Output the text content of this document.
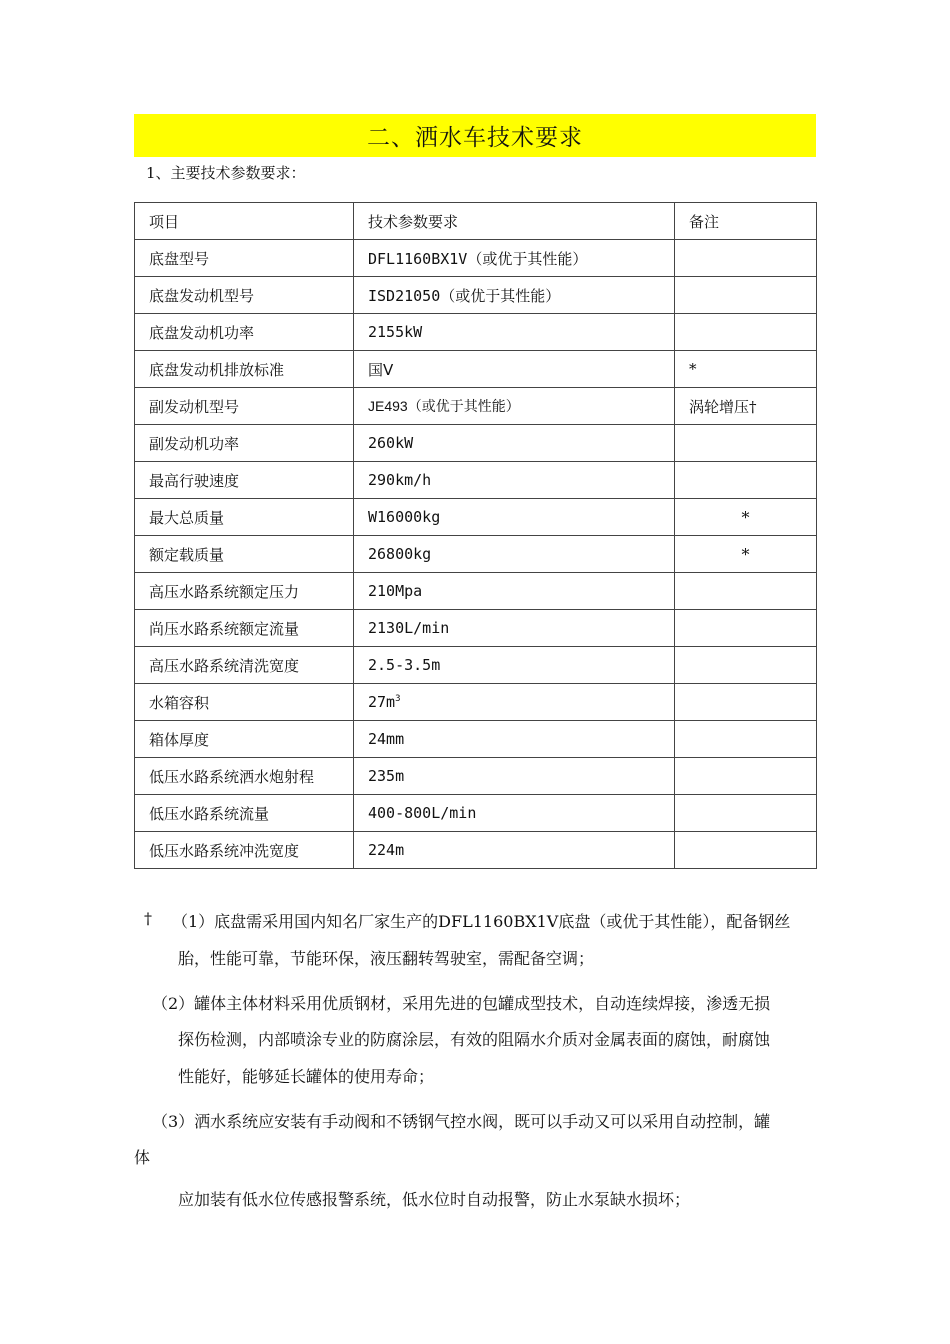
二、洒水车技术要求
1、主要技术参数要求：
项目	技术参数要求	备注
底盘型号	DFL1160BX1V（或优于其性能）	
底盘发动机型号	ISD21050（或优于其性能）	
底盘发动机功率	2155kW	
底盘发动机排放标准	国Ⅴ	*
副发动机型号	JE493（或优于其性能）	涡轮增压†
副发动机功率	260kW	
最高行驶速度	290km/h	
最大总质量	W16000kg	*
额定载质量	26800kg	*
高压水路系统额定压力	210Mpa	
尚压水路系统额定流量	2130L/min	
高压水路系统清洗宽度	2.5-3.5m	
水箱容积	$27m^3$	
箱体厚度	24mm	
低压水路系统洒水炮射程	235m	
低压水路系统流量	400-800L/min	
低压水路系统冲洗宽度	224m	
† （1）底盘需采用国内知名厂家生产的DFL1160BX1V底盘（或优于其性能），配备钢丝
胎，性能可靠，节能环保，液压翻转驾驶室，需配备空调；
（2）罐体主体材料采用优质钢材，采用先进的包罐成型技术，自动连续焊接，渗透无损
探伤检测，内部喷涂专业的防腐涂层，有效的阻隔水介质对金属表面的腐蚀，耐腐蚀
性能好，能够延长罐体的使用寿命；
（3）洒水系统应安装有手动阀和不锈钢气控水阀，既可以手动又可以采用自动控制，罐
体
应加装有低水位传感报警系统，低水位时自动报警，防止水泵缺水损坏；
